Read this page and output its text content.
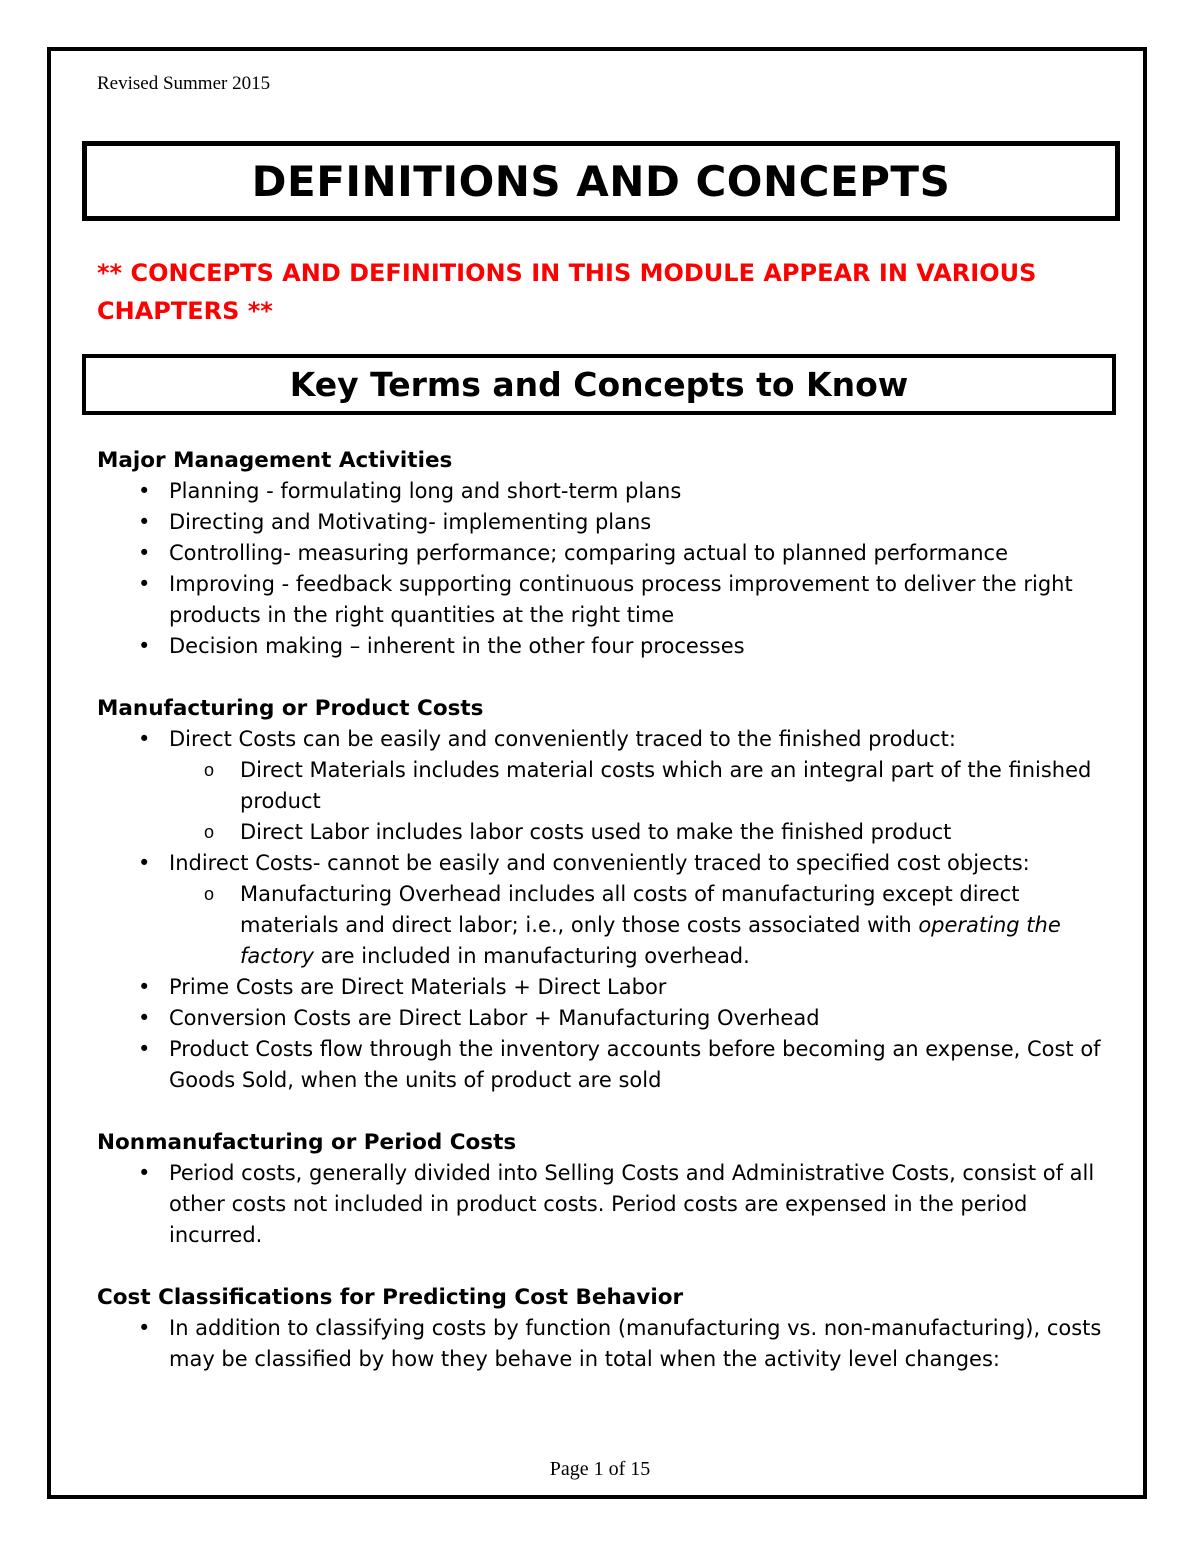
Revised Summer 2015
DEFINITIONS AND CONCEPTS
** CONCEPTS AND DEFINITIONS IN THIS MODULE APPEAR IN VARIOUS CHAPTERS **
Key Terms and Concepts to Know
Major Management Activities
• Planning - formulating long and short-term plans
• Directing and Motivating- implementing plans
• Controlling- measuring performance; comparing actual to planned performance
• Improving - feedback supporting continuous process improvement to deliver the right products in the right quantities at the right time
• Decision making – inherent in the other four processes
Manufacturing or Product Costs
• Direct Costs can be easily and conveniently traced to the finished product:
o Direct Materials includes material costs which are an integral part of the finished product
o Direct Labor includes labor costs used to make the finished product
• Indirect Costs- cannot be easily and conveniently traced to specified cost objects:
o Manufacturing Overhead includes all costs of manufacturing except direct materials and direct labor; i.e., only those costs associated with operating the factory are included in manufacturing overhead.
• Prime Costs are Direct Materials + Direct Labor
• Conversion Costs are Direct Labor + Manufacturing Overhead
• Product Costs flow through the inventory accounts before becoming an expense, Cost of Goods Sold, when the units of product are sold
Nonmanufacturing or Period Costs
• Period costs, generally divided into Selling Costs and Administrative Costs, consist of all other costs not included in product costs. Period costs are expensed in the period incurred.
Cost Classifications for Predicting Cost Behavior
• In addition to classifying costs by function (manufacturing vs. non-manufacturing), costs may be classified by how they behave in total when the activity level changes:
Page 1 of 15
